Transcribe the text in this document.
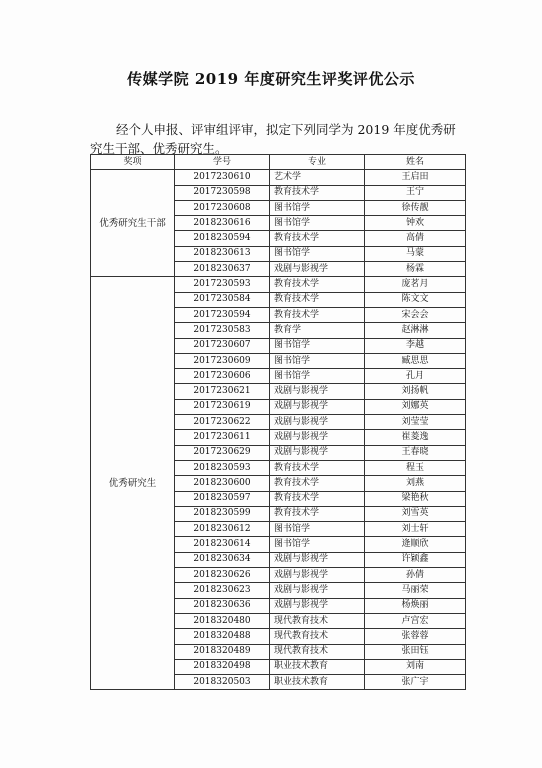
传媒学院 2019 年度研究生评奖评优公示
经个人申报、评审组评审，拟定下列同学为 2019 年度优秀研究生干部、优秀研究生。
奖项	学号	专业	姓名
优秀研究生干部	2017230610	艺术学	王启田
	2017230598	教育技术学	王宁
	2017230608	图书馆学	徐传靓
	2018230616	图书馆学	钟欢
	2018230594	教育技术学	高倩
	2018230613	图书馆学	马蒙
	2018230637	戏剧与影视学	杨霖
优秀研究生	2017230593	教育技术学	庞茗月
	2017230584	教育技术学	陈文文
	2017230594	教育技术学	宋会会
	2017230583	教育学	赵淋淋
	2017230607	图书馆学	李越
	2017230609	图书馆学	臧思思
	2017230606	图书馆学	孔月
	2017230621	戏剧与影视学	刘扬帆
	2017230619	戏剧与影视学	刘娜英
	2017230622	戏剧与影视学	刘莹莹
	2017230611	戏剧与影视学	崔菱逸
	2017230629	戏剧与影视学	王春晓
	2018230593	教育技术学	程玉
	2018230600	教育技术学	刘燕
	2018230597	教育技术学	梁艳秋
	2018230599	教育技术学	刘雪英
	2018230612	图书馆学	刘士轩
	2018230614	图书馆学	逄顺欣
	2018230634	戏剧与影视学	许颖鑫
	2018230626	戏剧与影视学	孙倩
	2018230623	戏剧与影视学	马丽荣
	2018230636	戏剧与影视学	杨焕丽
	2018320480	现代教育技术	卢宫宏
	2018320488	现代教育技术	张蓉蓉
	2018320489	现代教育技术	张田钰
	2018320498	职业技术教育	刘南
	2018320503	职业技术教育	张广宇
